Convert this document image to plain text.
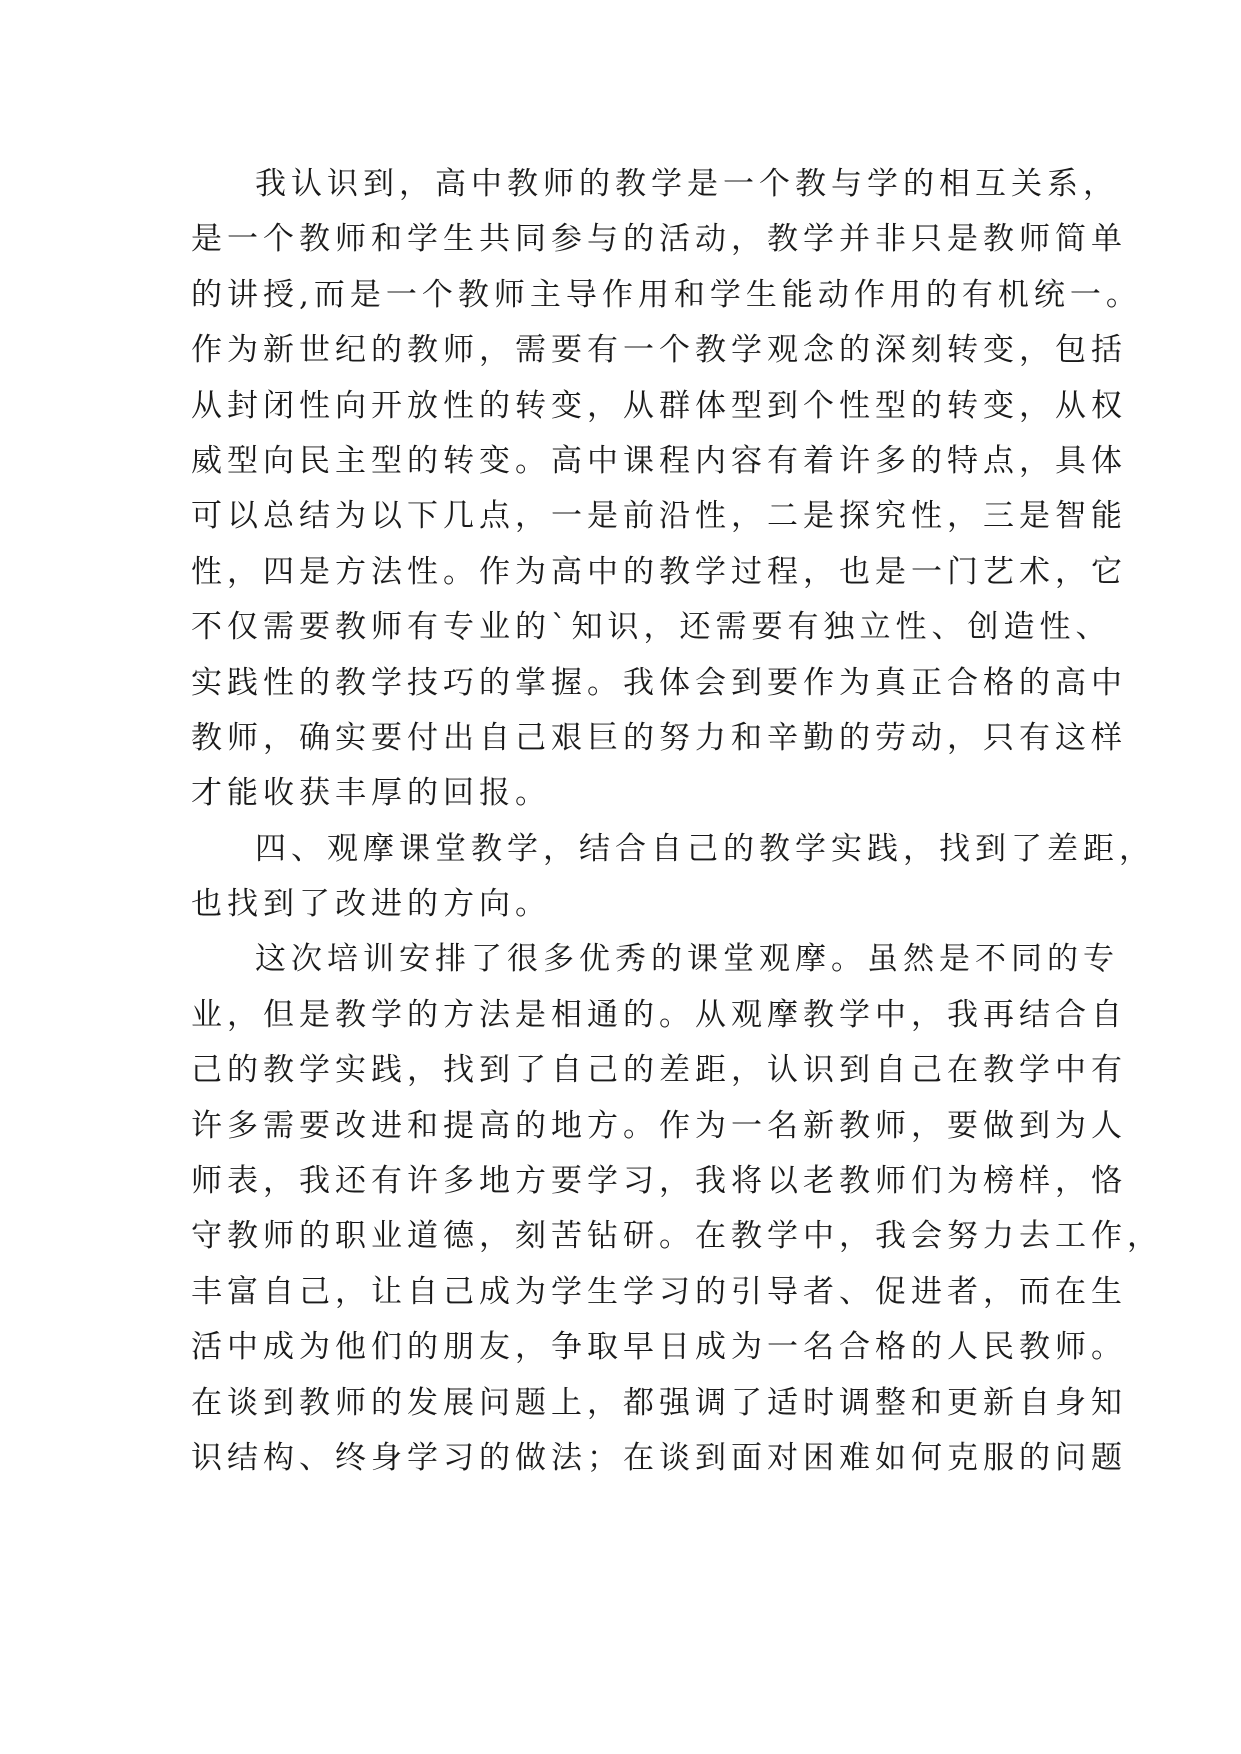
我认识到，高中教师的教学是一个教与学的相互关系，
是一个教师和学生共同参与的活动，教学并非只是教师简单
的讲授,而是一个教师主导作用和学生能动作用的有机统一。
作为新世纪的教师，需要有一个教学观念的深刻转变，包括
从封闭性向开放性的转变，从群体型到个性型的转变，从权
威型向民主型的转变。高中课程内容有着许多的特点，具体
可以总结为以下几点，一是前沿性，二是探究性，三是智能
性，四是方法性。作为高中的教学过程，也是一门艺术，它
不仅需要教师有专业的`知识，还需要有独立性、创造性、
实践性的教学技巧的掌握。我体会到要作为真正合格的高中
教师，确实要付出自己艰巨的努力和辛勤的劳动，只有这样
才能收获丰厚的回报。
四、观摩课堂教学，结合自己的教学实践，找到了差距，
也找到了改进的方向。
这次培训安排了很多优秀的课堂观摩。虽然是不同的专
业，但是教学的方法是相通的。从观摩教学中，我再结合自
己的教学实践，找到了自己的差距，认识到自己在教学中有
许多需要改进和提高的地方。作为一名新教师，要做到为人
师表，我还有许多地方要学习，我将以老教师们为榜样，恪
守教师的职业道德，刻苦钻研。在教学中，我会努力去工作，
丰富自己，让自己成为学生学习的引导者、促进者，而在生
活中成为他们的朋友，争取早日成为一名合格的人民教师。
在谈到教师的发展问题上，都强调了适时调整和更新自身知
识结构、终身学习的做法；在谈到面对困难如何克服的问题
